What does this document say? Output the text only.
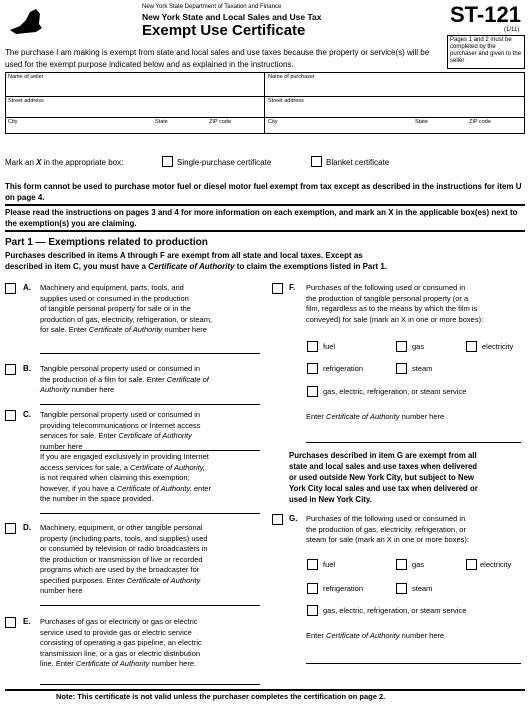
New York State Department of Taxation and Finance
New York State and Local Sales and Use Tax
Exempt Use Certificate
ST-121
(1/11)
Pages 1 and 2 must be completed by the purchaser and given to the seller
The purchase I am making is exempt from state and local sales and use taxes because the property or service(s) will be used for the exempt purpose indicated below and as explained in the instructions.
Name of seller	Name of purchaser
Street address	Street address
City	State	ZIP code	City	State	ZIP code
Mark an X in the appropriate box:	Single-purchase certificate	Blanket certificate
This form cannot be used to purchase motor fuel or diesel motor fuel exempt from tax except as described in the instructions for item U on page 4.
Please read the instructions on pages 3 and 4 for more information on each exemption, and mark an X in the applicable box(es) next to the exemption(s) you are claiming.
Part 1 — Exemptions related to production
Purchases described in items A through F are exempt from all state and local taxes. Except as
described in item C, you must have a Certificate of Authority to claim the exemptions listed in Part 1.
A. Machinery and equipment, parts, tools, and
supplies used or consumed in the production
of tangible personal property for sale or in the
production of gas, electricity, refrigeration, or steam,
for sale. Enter Certificate of Authority number here
B. Tangible personal property used or consumed in
the production of a film for sale. Enter Certificate of
Authority number here
C. Tangible personal property used or consumed in
providing telecommunications or Internet access
services for sale. Enter Certificate of Authority
number here
If you are engaged exclusively in providing Internet
access services for sale, a Certificate of Authority,
is not required when claiming this exemption;
however, if you have a Certificate of Authority, enter
the number in the space provided.
D. Machinery, equipment, or other tangible personal
property (including parts, tools, and supplies) used
or consumed by television or radio broadcasters in
the production or transmission of live or recorded
programs which are used by the broadcaster for
specified purposes. Enter Certificate of Authority
number here
E. Purchases of gas or electricity or gas or electric
service used to provide gas or electric service
consisting of operating a gas pipeline, an electric
transmission line, or a gas or electric distribution
line. Enter Certificate of Authority number here.
F. Purchases of the following used or consumed in
the production of tangible personal property (or a
film, regardless as to the means by which the film is
conveyed) for sale (mark an X in one or more boxes):
fuel	gas	electricity
refrigeration	steam
gas, electric, refrigeration, or steam service
Enter Certificate of Authority number here
Purchases described in item G are exempt from all
state and local sales and use taxes when delivered
or used outside New York City, but subject to New
York City local sales and use tax when delivered or
used in New York City.
G. Purchases of the following used or consumed in
the production of gas, electricity, refrigeration, or
steam for sale (mark an X in one or more boxes):
fuel	gas	electricity
refrigeration	steam
gas, electric, refrigeration, or steam service
Enter Certificate of Authority number here
Note: This certificate is not valid unless the purchaser completes the certification on page 2.
